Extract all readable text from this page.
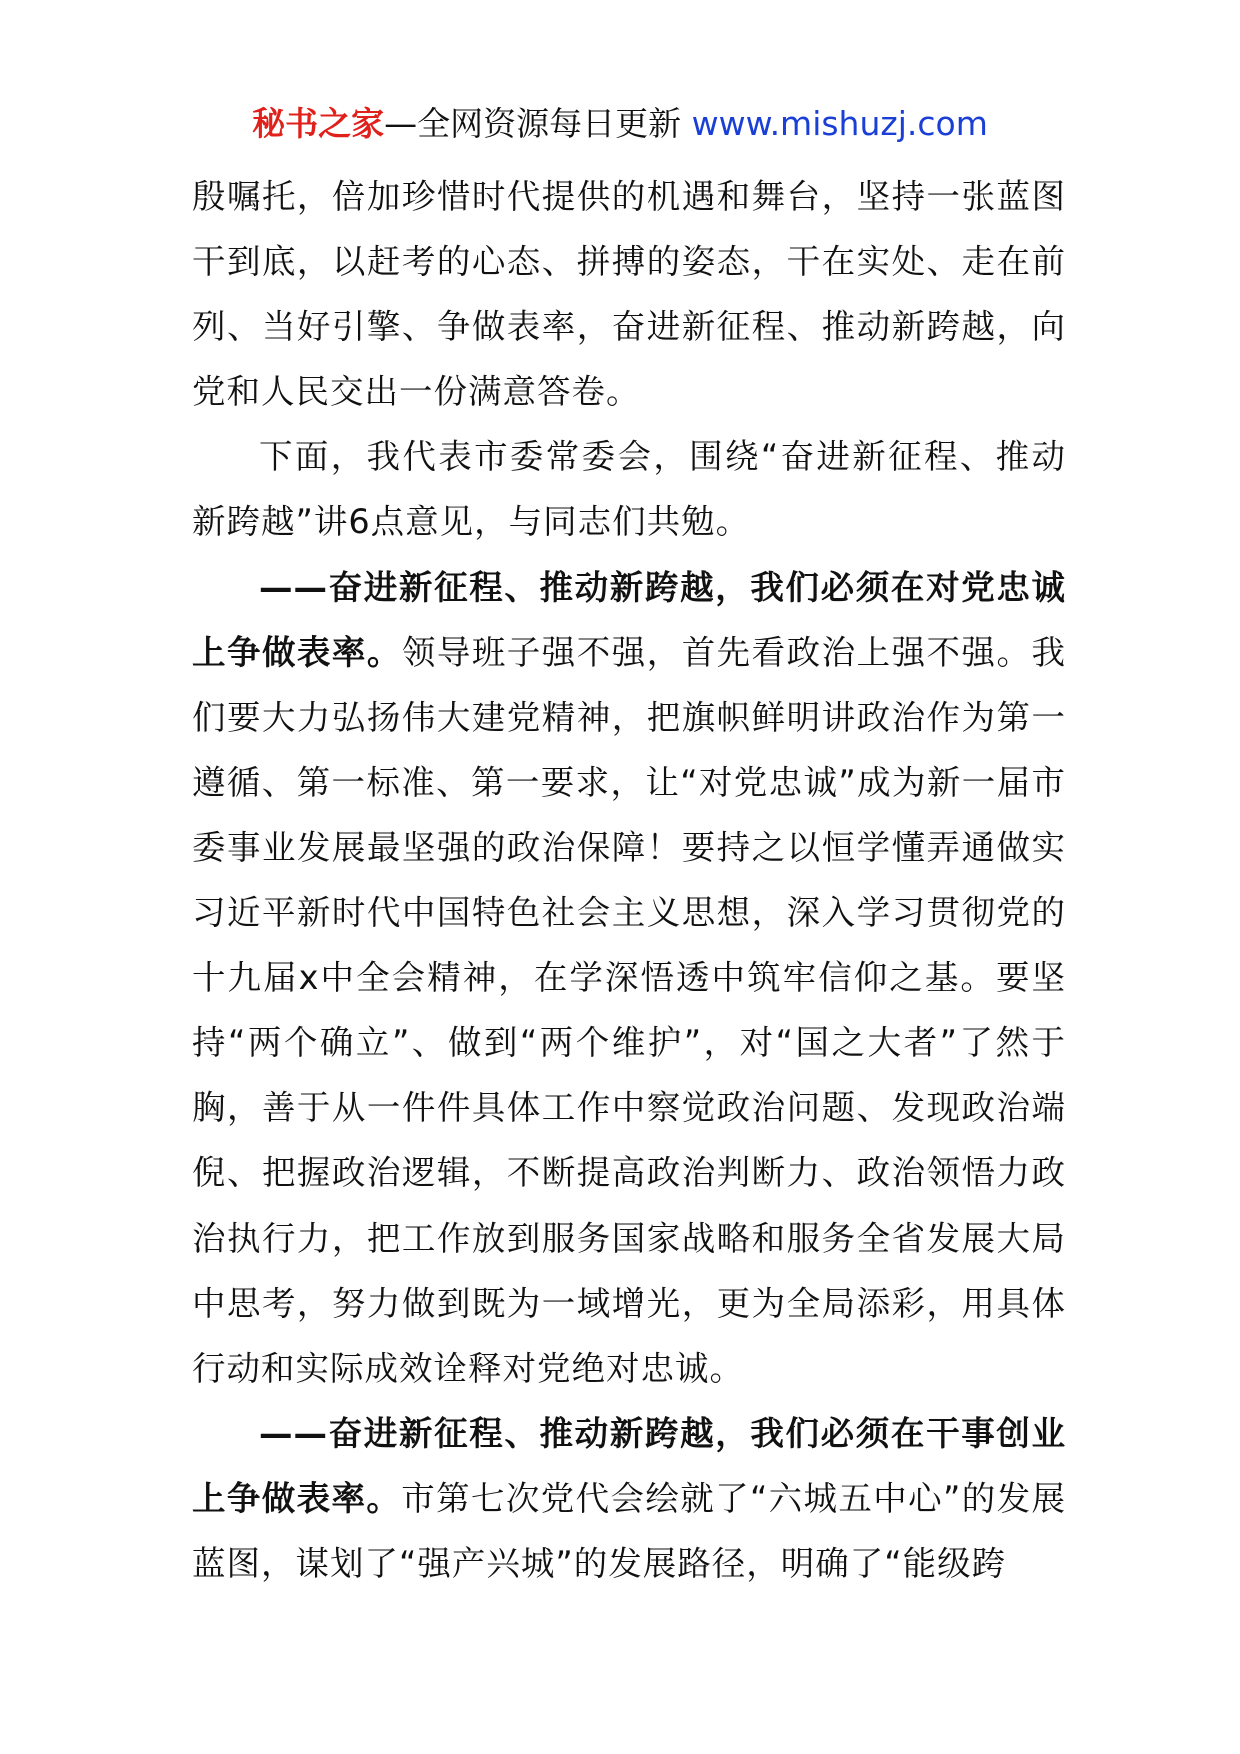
秘书之家—全网资源每日更新 www.mishuzj.com

殷嘱托，倍加珍惜时代提供的机遇和舞台，坚持一张蓝图干到底，以赶考的心态、拼搏的姿态，干在实处、走在前列、当好引擎、争做表率，奋进新征程、推动新跨越，向党和人民交出一份满意答卷。

下面，我代表市委常委会，围绕“奋进新征程、推动新跨越”讲6点意见，与同志们共勉。

——奋进新征程、推动新跨越，我们必须在对党忠诚上争做表率。领导班子强不强，首先看政治上强不强。我们要大力弘扬伟大建党精神，把旗帜鲜明讲政治作为第一遵循、第一标准、第一要求，让“对党忠诚”成为新一届市委事业发展最坚强的政治保障！要持之以恒学懂弄通做实习近平新时代中国特色社会主义思想，深入学习贯彻党的十九届x中全会精神，在学深悟透中筑牢信仰之基。要坚持“两个确立”、做到“两个维护”，对“国之大者”了然于胸，善于从一件件具体工作中察觉政治问题、发现政治端倪、把握政治逻辑，不断提高政治判断力、政治领悟力政治执行力，把工作放到服务国家战略和服务全省发展大局中思考，努力做到既为一域增光，更为全局添彩，用具体行动和实际成效诠释对党绝对忠诚。

——奋进新征程、推动新跨越，我们必须在干事创业上争做表率。市第七次党代会绘就了“六城五中心”的发展蓝图，谋划了“强产兴城”的发展路径，明确了“能级跨
